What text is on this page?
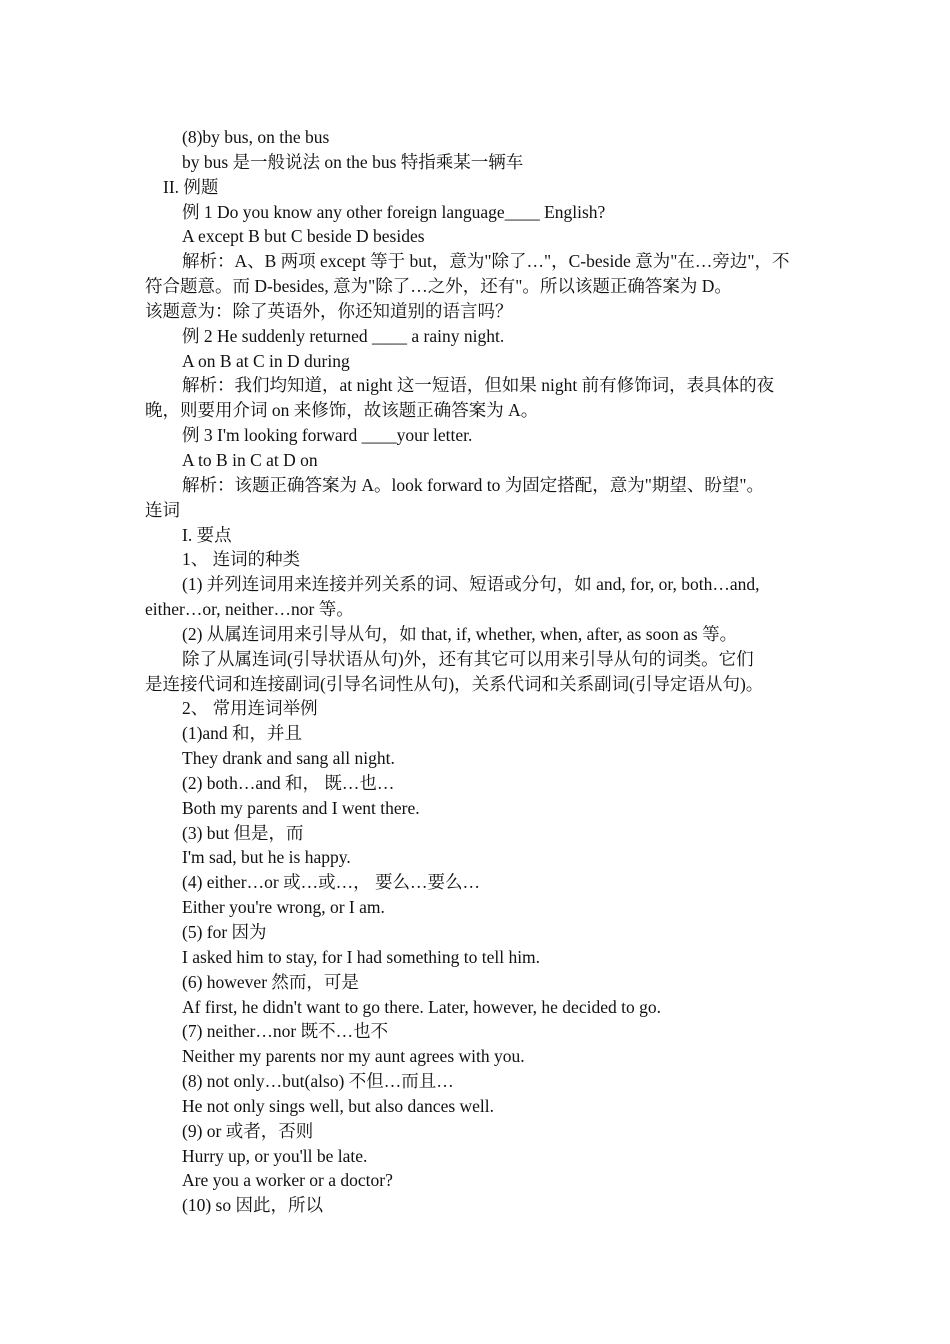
(8)by bus, on the bus
by bus 是一般说法 on the bus 特指乘某一辆车
II. 例题
例 1 Do you know any other foreign language____ English?
A except B but C beside D besides
解析：A、B 两项 except 等于 but，意为"除了…"，C-beside 意为"在…旁边"，不
符合题意。而 D-besides, 意为"除了…之外，还有"。所以该题正确答案为 D。
该题意为：除了英语外，你还知道别的语言吗？
例 2 He suddenly returned ____ a rainy night.
A on B at C in D during
解析：我们均知道，at night 这一短语，但如果 night 前有修饰词，表具体的夜
晚，则要用介词 on 来修饰，故该题正确答案为 A。
例 3 I'm looking forward ____your letter.
A to B in C at D on
解析：该题正确答案为 A。look forward to 为固定搭配，意为"期望、盼望"。
连词
I. 要点
1、 连词的种类
(1) 并列连词用来连接并列关系的词、短语或分句，如 and, for, or, both…and,
either…or, neither…nor 等。
(2) 从属连词用来引导从句，如 that, if, whether, when, after, as soon as 等。
除了从属连词(引导状语从句)外，还有其它可以用来引导从句的词类。它们
是连接代词和连接副词(引导名词性从句)，关系代词和关系副词(引导定语从句)。
2、 常用连词举例
(1)and 和，并且
They drank and sang all night.
(2) both…and 和， 既…也…
Both my parents and I went there.
(3) but 但是，而
I'm sad, but he is happy.
(4) either…or 或…或…， 要么…要么…
Either you're wrong, or I am.
(5) for 因为
I asked him to stay, for I had something to tell him.
(6) however 然而，可是
Af first, he didn't want to go there. Later, however, he decided to go.
(7) neither…nor 既不…也不
Neither my parents nor my aunt agrees with you.
(8) not only…but(also) 不但…而且…
He not only sings well, but also dances well.
(9) or 或者，否则
Hurry up, or you'll be late.
Are you a worker or a doctor?
(10) so 因此，所以
